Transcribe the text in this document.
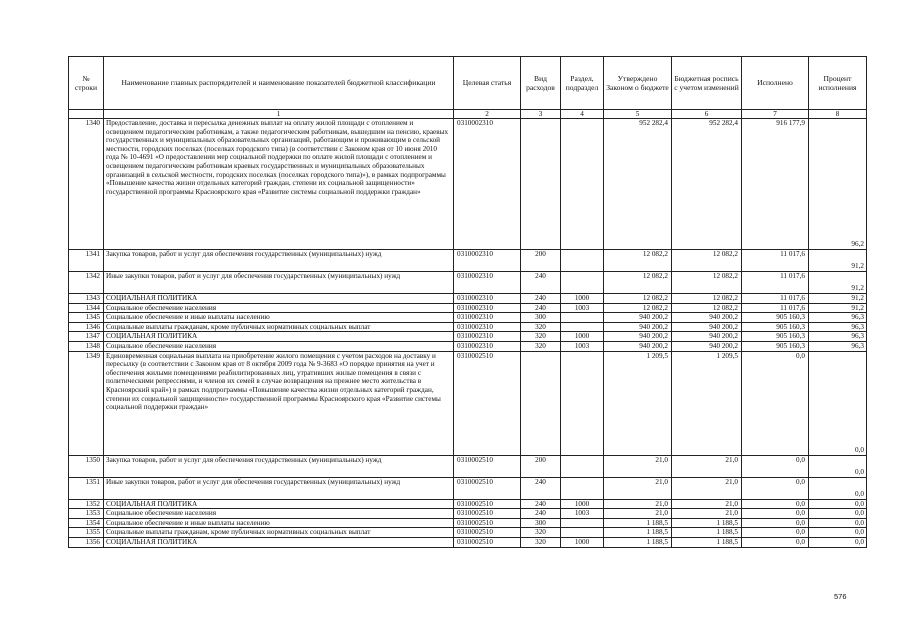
№ строки	Наименование главных распорядителей и наименование показателей бюджетной классификации	Целевая статья	Вид расходов	Раздел, подраздел	Утверждено Законом о бюджете	Бюджетная роспись с учетом изменений	Исполнено	Процент исполнения
	1	2	3	4	5	6	7	8
1340	Предоставление, доставка и пересылка денежных выплат на оплату жилой площади с отоплением и освещением педагогическим работникам, а также педагогическим работникам, вышедшим на пенсию, краевых государственных и муниципальных образовательных организаций, работающим и проживающим в сельской местности, городских поселках (поселках городского типа) (в соответствии с Законом края от 10 июня 2010 года № 10-4691 «О предоставлении мер социальной поддержки по оплате жилой площади с отоплением и освещением педагогическим работникам краевых государственных и муниципальных образовательных организаций в сельской местности, городских поселках (поселках городского типа)»), в рамках подпрограммы «Повышение качества жизни отдельных категорий граждан, степени их социальной защищенности» государственной программы Красноярского края «Развитие системы социальной поддержки граждан»	0310002310			952 282,4	952 282,4	916 177,9	96,2
1341	Закупка товаров, работ и услуг для обеспечения государственных (муниципальных) нужд	0310002310	200		12 082,2	12 082,2	11 017,6	91,2
1342	Иные закупки товаров, работ и услуг для обеспечения государственных (муниципальных) нужд	0310002310	240		12 082,2	12 082,2	11 017,6	91,2
1343	СОЦИАЛЬНАЯ ПОЛИТИКА	0310002310	240	1000	12 082,2	12 082,2	11 017,6	91,2
1344	Социальное обеспечение населения	0310002310	240	1003	12 082,2	12 082,2	11 017,6	91,2
1345	Социальное обеспечение и иные выплаты населению	0310002310	300		940 200,2	940 200,2	905 160,3	96,3
1346	Социальные выплаты гражданам, кроме публичных нормативных социальных выплат	0310002310	320		940 200,2	940 200,2	905 160,3	96,3
1347	СОЦИАЛЬНАЯ ПОЛИТИКА	0310002310	320	1000	940 200,2	940 200,2	905 160,3	96,3
1348	Социальное обеспечение населения	0310002310	320	1003	940 200,2	940 200,2	905 160,3	96,3
1349	Единовременная социальная выплата на приобретение жилого помещения с учетом расходов на доставку и пересылку (в соответствии с Законом края от 8 октября 2009 года № 9-3683 «О порядке принятия на учет и обеспечения жилыми помещениями реабилитированных лиц, утративших жилые помещения в связи с политическими репрессиями, и членов их семей в случае возвращения на прежнее место жительства в Красноярский край») в рамках подпрограммы «Повышение качества жизни отдельных категорий граждан, степени их социальной защищенности» государственной программы Красноярского края «Развитие системы социальной поддержки граждан»	0310002510			1 209,5	1 209,5	0,0	0,0
1350	Закупка товаров, работ и услуг для обеспечения государственных (муниципальных) нужд	0310002510	200		21,0	21,0	0,0	0,0
1351	Иные закупки товаров, работ и услуг для обеспечения государственных (муниципальных) нужд	0310002510	240		21,0	21,0	0,0	0,0
1352	СОЦИАЛЬНАЯ ПОЛИТИКА	0310002510	240	1000	21,0	21,0	0,0	0,0
1353	Социальное обеспечение населения	0310002510	240	1003	21,0	21,0	0,0	0,0
1354	Социальное обеспечение и иные выплаты населению	0310002510	300		1 188,5	1 188,5	0,0	0,0
1355	Социальные выплаты гражданам, кроме публичных нормативных социальных выплат	0310002510	320		1 188,5	1 188,5	0,0	0,0
1356	СОЦИАЛЬНАЯ ПОЛИТИКА	0310002510	320	1000	1 188,5	1 188,5	0,0	0,0
576
